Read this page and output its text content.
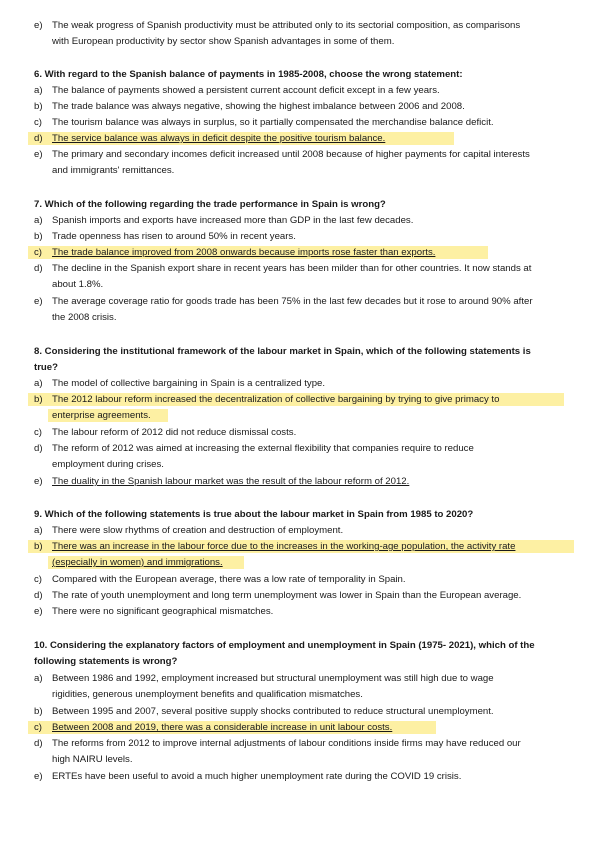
e) The weak progress of Spanish productivity must be attributed only to its sectorial composition, as comparisons
with European productivity by sector show Spanish advantages in some of them.
6. With regard to the Spanish balance of payments in 1985-2008, choose the wrong statement:
a) The balance of payments showed a persistent current account deficit except in a few years.
b) The trade balance was always negative, showing the highest imbalance between 2006 and 2008.
c)	The tourism balance was always in surplus, so it partially compensated the merchandise balance deficit.
d) The service balance was always in deficit despite the positive tourism balance.
e) The primary and secondary incomes deficit increased until 2008 because of higher payments for capital interests
and immigrants' remittances.
7. Which of the following regarding the trade performance in Spain is wrong?
a) Spanish imports and exports have increased more than GDP in the last few decades.
b) Trade openness has risen to around 50% in recent years.
c)	The trade balance improved from 2008 onwards because imports rose faster than exports.
d) The decline in the Spanish export share in recent years has been milder than for other countries. It now stands at
about 1.8%.
e) The average coverage ratio for goods trade has been 75% in the last few decades but it rose to around 90% after
the 2008 crisis.
8. Considering the institutional framework of the labour market in Spain, which of the following statements is
true?
a) The model of collective bargaining in Spain is a centralized type.
b) The 2012 labour reform increased the decentralization of collective bargaining by trying to give primacy to
enterprise agreements.
c)	The labour reform of 2012 did not reduce dismissal costs.
d) The reform of 2012 was aimed at increasing the external flexibility that companies require to reduce
employment during crises.
e) The duality in the Spanish labour market was the result of the labour reform of 2012.
9. Which of the following statements is true about the labour market in Spain from 1985 to 2020?
a) There were slow rhythms of creation and destruction of employment.
b) There was an increase in the labour force due to the increases in the working-age population, the activity rate
(especially in women) and immigrations.
c)	Compared with the European average, there was a low rate of temporality in Spain.
d) The rate of youth unemployment and long term unemployment was lower in Spain than the European average.
e) There were no significant geographical mismatches.
10. Considering the explanatory factors of employment and unemployment in Spain (1975- 2021), which of the
following statements is wrong?
a) Between 1986 and 1992, employment increased but structural unemployment was still high due to wage
rigidities, generous unemployment benefits and qualification mismatches.
b) Between 1995 and 2007, several positive supply shocks contributed to reduce structural unemployment.
c)	Between 2008 and 2019, there was a considerable increase in unit labour costs.
d) The reforms from 2012 to improve internal adjustments of labour conditions inside firms may have reduced our
high NAIRU levels.
e) ERTEs have been useful to avoid a much higher unemployment rate during the COVID 19 crisis.
